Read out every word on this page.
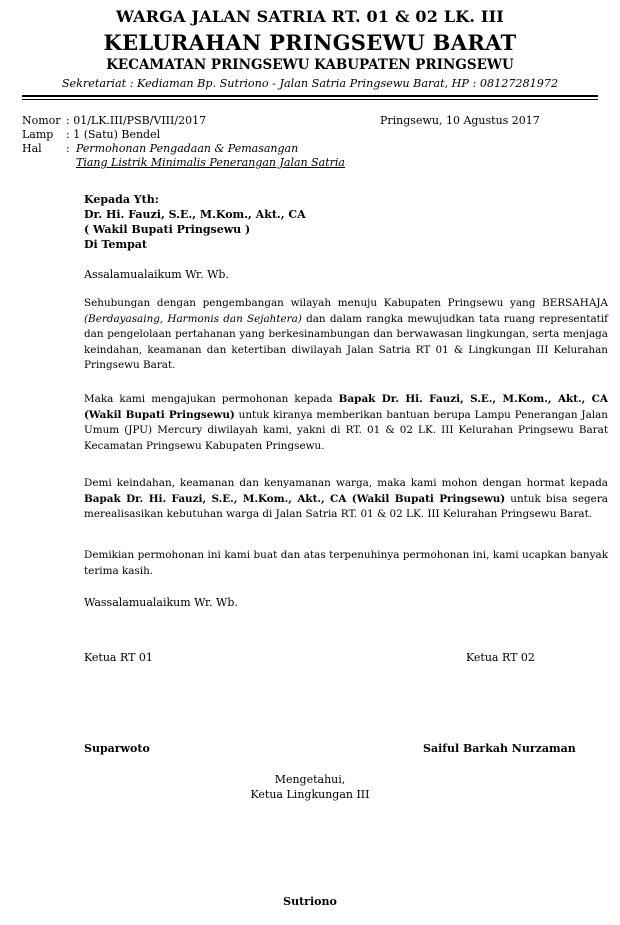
WARGA JALAN SATRIA RT. 01 & 02 LK. III
KELURAHAN PRINGSEWU BARAT
KECAMATAN PRINGSEWU KABUPATEN PRINGSEWU
Sekretariat : Kediaman Bp. Sutriono - Jalan Satria Pringsewu Barat, HP : 08127281972
Nomor : 01/LK.III/PSB/VIII/2017	Pringsewu, 10 Agustus 2017
Lamp : 1 (Satu) Bendel
Hal : Permohonan Pengadaan & Pemasangan
Tiang Listrik Minimalis Penerangan Jalan Satria
Kepada Yth:
Dr. Hi. Fauzi, S.E., M.Kom., Akt., CA
( Wakil Bupati Pringsewu )
Di Tempat
Assalamualaikum Wr. Wb.

Sehubungan dengan pengembangan wilayah menuju Kabupaten Pringsewu yang BERSAHAJA (Berdayasaing, Harmonis dan Sejahtera) dan dalam rangka mewujudkan tata ruang representatif dan pengelolaan pertahanan yang berkesinambungan dan berwawasan lingkungan, serta menjaga keindahan, keamanan dan ketertiban diwilayah Jalan Satria RT 01 & Lingkungan III Kelurahan Pringsewu Barat.

Maka kami mengajukan permohonan kepada Bapak Dr. Hi. Fauzi, S.E., M.Kom., Akt., CA (Wakil Bupati Pringsewu) untuk kiranya memberikan bantuan berupa Lampu Penerangan Jalan Umum (JPU) Mercury diwilayah kami, yakni di RT. 01 & 02 LK. III Kelurahan Pringsewu Barat Kecamatan Pringsewu Kabupaten Pringsewu.

Demi keindahan, keamanan dan kenyamanan warga, maka kami mohon dengan hormat kepada Bapak Dr. Hi. Fauzi, S.E., M.Kom., Akt., CA (Wakil Bupati Pringsewu) untuk bisa segera merealisasikan kebutuhan warga di Jalan Satria RT. 01 & 02 LK. III Kelurahan Pringsewu Barat.

Demikian permohonan ini kami buat dan atas terpenuhinya permohonan ini, kami ucapkan banyak terima kasih.

Wassalamualaikum Wr. Wb.
Ketua RT 01	Ketua RT 02
Suparwoto	Saiful Barkah Nurzaman
Mengetahui,
Ketua Lingkungan III
Sutriono
